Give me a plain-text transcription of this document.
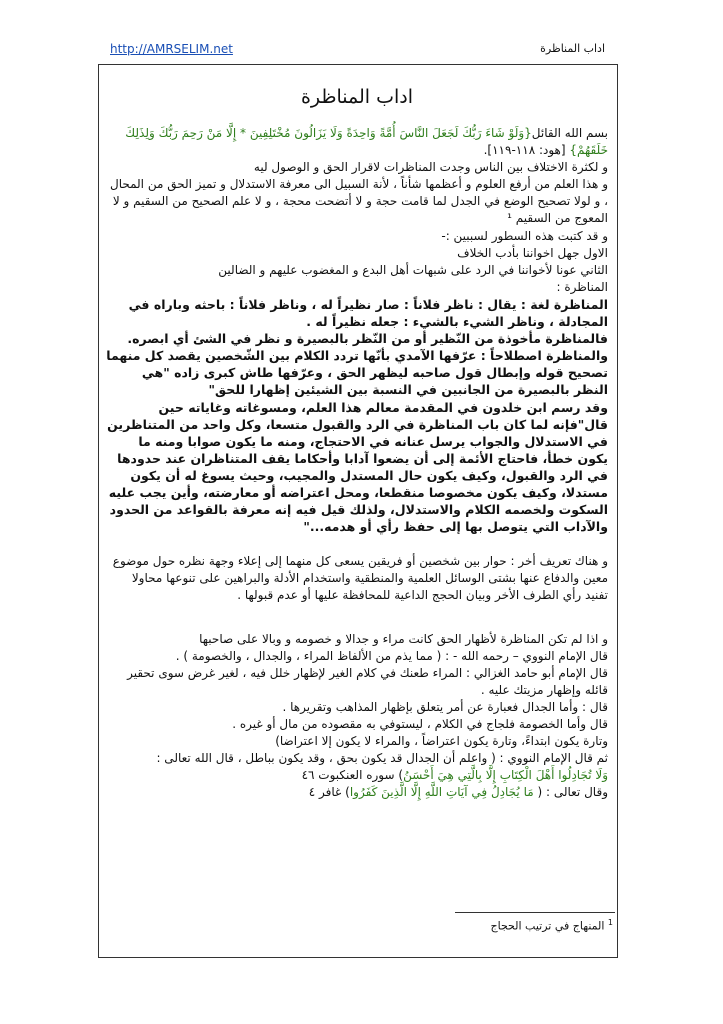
http://AMRSELIM.net	اداب المناظرة
اداب المناظرة

بسم الله القائل{وَلَوْ شَاءَ رَبُّكَ لَجَعَلَ النَّاسَ أُمَّةً وَاحِدَةً وَلَا يَزَالُونَ مُخْتَلِفِينَ * إِلَّا مَنْ رَحِمَ رَبُّكَ وَلِذَلِكَ خَلَقَهُمْ} [هود: ١١٨-١١٩].

و لكثرة الاختلاف بين الناس وجدت المناظرات لاقرار الحق و الوصول ليه

و هذا العلم من أرفع العلوم و أعظمها شأناً ، لأنة السبيل الى معرفة الاستدلال و تميز الحق من المحال ، و لولا تصحيح الوضع في الجدل لما قامت حجة و لا أتضحت محجة ، و لا علم الصحيح من السقيم و لا المعوج من السقيم ¹

و قد كتبت هذه السطور لسببين :-

الاول جهل اخواننا بأدب الخلاف

الثاني عونا لأخواننا في الرد على شبهات أهل البدع و المغضوب عليهم و الضالين

المناظرة :

المناظرة لغة : يقال : ناظر فلاناً : صار نظيراً له ، وناظر فلاناً : باحثه وباراه في المجادلة ، وناظر الشيء بالشيء : جعله نظيراً له .

فالمناظرة مأخوذة من النّظير أو من النّظر بالبصيرة و نظر في الشئ أي ابصره.

والمناظرة اصطلاحاً : عرّفها الآمدي بأنّها تردد الكلام بين الشّخصين يقصد كل منهما تصحيح قوله وإبطال قول صاحبه ليظهر الحق ، وعرّفها طاش كبرى زاده "هي النظر بالبصيرة من الجانبين في النسبة بين الشيئين إظهارا للحق"

وقد رسم ابن خلدون في المقدمة معالم هذا العلم، ومسوغاته وغاياته حين قال"فإنه لما كان باب المناظرة في الرد والقبول متسعا، وكل واحد من المتناظرين في الاستدلال والجواب يرسل عنانه في الاحتجاج، ومنه ما يكون صوابا ومنه ما يكون خطأ، فاحتاج الأئمة إلى أن يضعوا آدابا وأحكاما يقف المتناظران عند حدودها في الرد والقبول، وكيف يكون حال المستدل والمجيب، وحيث يسوغ له أن يكون مستدلا، وكيف يكون مخصوصا منقطعا، ومحل اعتراضه أو معارضته، وأين يجب عليه السكوت ولخصمه الكلام والاستدلال، ولذلك قيل فيه إنه معرفة بالقواعد من الحدود والآداب التي يتوصل بها إلى حفظ رأي أو هدمه..."

و هناك تعريف أخر : حوار بين شخصين أو فريقين يسعى كل منهما إلى إعلاء وجهة نظره حول موضوع معين والدفاع عنها بشتى الوسائل العلمية والمنطقية واستخدام الأدلة والبراهين على تنوعها محاولا تفنيد رأي الطرف الأخر وبيان الحجج الداعية للمحافظة عليها أو عدم قبولها .

و اذا لم تكن المناظرة لأظهار الحق كانت مراء و جدالا و خصومه و وبالا على صاحبها

قال الإمام النووي – رحمه الله - : ( مما يذم من الألفاظ المراء ، والجدال ، والخصومة ) .

قال الإمام أبو حامد الغزالي : المراء طعنك في كلام الغير لإظهار خلل فيه ، لغير غرض سوى تحقير قائله وإظهار مزيتك عليه .

قال : وأما الجدال فعبارة عن أمر يتعلق بإظهار المذاهب وتقريرها .

قال وأما الخصومة فلجاج في الكلام ، ليستوفي به مقصوده من مال أو غيره .

وتارة يكون ابتداءً، وتارة يكون اعتراضاً ، والمراء لا يكون إلا اعتراضا)

ثم قال الإمام النووي : ( واعلم أن الجدال قد يكون بحق ، وقد يكون بباطل ، قال الله تعالى :

وَلَا تُجَادِلُوا أَهْلَ الْكِتَابِ إِلَّا بِالَّتِي هِيَ أَحْسَنُ) سوره العنكبوت ٤٦

وقال تعالى : ( مَا يُجَادِلُ فِي آيَاتِ اللَّهِ إِلَّا الَّذِينَ كَفَرُوا) غافر ٤

$^1$ المنهاج في ترتيب الحجاج
